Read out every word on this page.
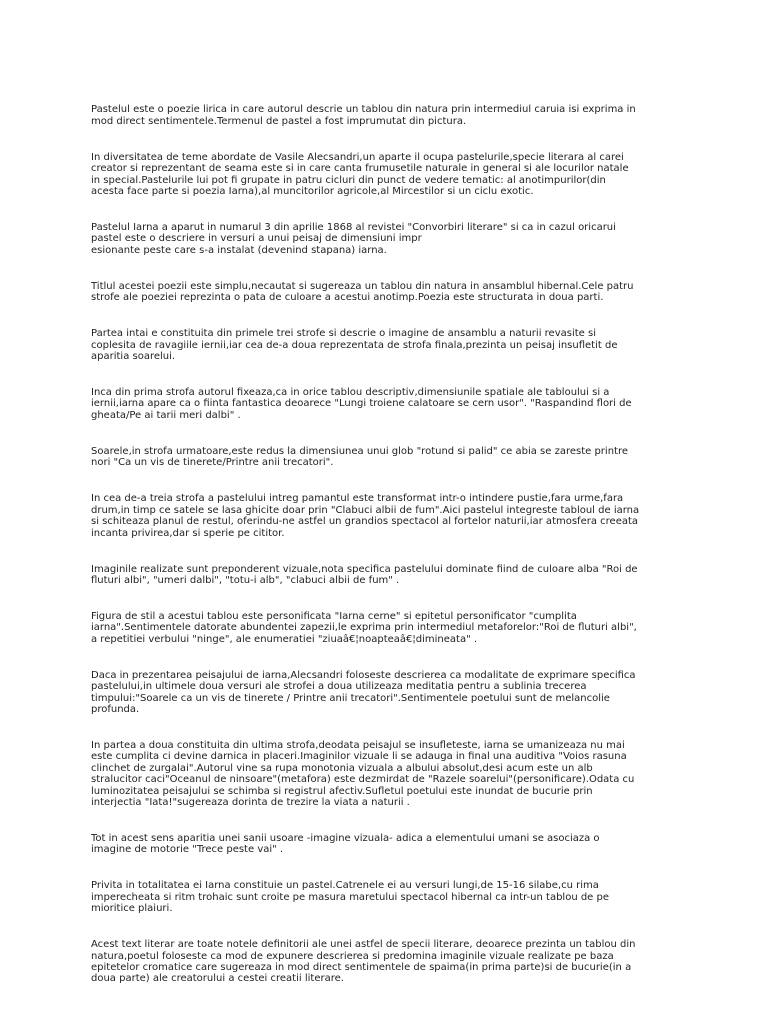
Pastelul este o poezie lirica in care autorul descrie un tablou din natura prin intermediul caruia isi exprima in
mod direct sentimentele.Termenul de pastel a fost imprumutat din pictura.

In diversitatea de teme abordate de Vasile Alecsandri,un aparte il ocupa pastelurile,specie literara al carei
creator si reprezentant de seama este si in care canta frumusetile naturale in general si ale locurilor natale
in special.Pastelurile lui pot fi grupate in patru cicluri din punct de vedere tematic: al anotimpurilor(din
acesta face parte si poezia Iarna),al muncitorilor agricole,al Mircestilor si un ciclu exotic.

Pastelul Iarna a aparut in numarul 3 din aprilie 1868 al revistei "Convorbiri literare" si ca in cazul oricarui
pastel este o descriere in versuri a unui peisaj de dimensiuni impr
esionante peste care s-a instalat (devenind stapana) iarna.

Titlul acestei poezii este simplu,necautat si sugereaza un tablou din natura in ansamblul hibernal.Cele patru
strofe ale poeziei reprezinta o pata de culoare a acestui anotimp.Poezia este structurata in doua parti.

Partea intai e constituita din primele trei strofe si descrie o imagine de ansamblu a naturii revasite si
coplesita de ravagiile iernii,iar cea de-a doua reprezentata de strofa finala,prezinta un peisaj insufletit de
aparitia soarelui.

Inca din prima strofa autorul fixeaza,ca in orice tablou descriptiv,dimensiunile spatiale ale tabloului si a
iernii,iarna apare ca o fiinta fantastica deoarece "Lungi troiene calatoare se cern usor". "Raspandind flori de
gheata/Pe ai tarii meri dalbi" .

Soarele,in strofa urmatoare,este redus la dimensiunea unui glob "rotund si palid" ce abia se zareste printre
nori "Ca un vis de tinerete/Printre anii trecatori".

In cea de-a treia strofa a pastelului intreg pamantul este transformat intr-o intindere pustie,fara urme,fara
drum,in timp ce satele se lasa ghicite doar prin "Clabuci albii de fum".Aici pastelul integreste tabloul de iarna
si schiteaza planul de restul, oferindu-ne astfel un grandios spectacol al fortelor naturii,iar atmosfera creeata
incanta privirea,dar si sperie pe cititor.

Imaginile realizate sunt preponderent vizuale,nota specifica pastelului dominate fiind de culoare alba "Roi de
fluturi albi", "umeri dalbi", "totu-i alb", "clabuci albii de fum" .

Figura de stil a acestui tablou este personificata "Iarna cerne" si epitetul personificator "cumplita
iarna".Sentimentele datorate abundentei zapezii,le exprima prin intermediul metaforelor:"Roi de fluturi albi",
a repetitiei verbului "ninge", ale enumeratiei "ziuaâ€¦noapteaâ€¦dimineata" .

Daca in prezentarea peisajului de iarna,Alecsandri foloseste descrierea ca modalitate de exprimare specifica
pastelului,in ultimele doua versuri ale strofei a doua utilizeaza meditatia pentru a sublinia trecerea
timpului:"Soarele ca un vis de tinerete / Printre anii trecatori".Sentimentele poetului sunt de melancolie
profunda.

In partea a doua constituita din ultima strofa,deodata peisajul se insufleteste, iarna se umanizeaza nu mai
este cumplita ci devine darnica in placeri.Imaginilor vizuale li se adauga in final una auditiva "Voios rasuna
clinchet de zurgalai".Autorul vine sa rupa monotonia vizuala a albului absolut,desi acum este un alb
stralucitor caci"Oceanul de ninsoare"(metafora) este dezmirdat de "Razele soarelui"(personificare).Odata cu
luminozitatea peisajului se schimba si registrul afectiv.Sufletul poetului este inundat de bucurie prin
interjectia "Iata!"sugereaza dorinta de trezire la viata a naturii .

Tot in acest sens aparitia unei sanii usoare -imagine vizuala- adica a elementului umani se asociaza o
imagine de motorie "Trece peste vai" .

Privita in totalitatea ei Iarna constituie un pastel.Catrenele ei au versuri lungi,de 15-16 silabe,cu rima
imperecheata si ritm trohaic sunt croite pe masura maretului spectacol hibernal ca intr-un tablou de pe
mioritice plaiuri.

Acest text literar are toate notele definitorii ale unei astfel de specii literare, deoarece prezinta un tablou din
natura,poetul foloseste ca mod de expunere descrierea si predomina imaginile vizuale realizate pe baza
epitetelor cromatice care sugereaza in mod direct sentimentele de spaima(in prima parte)si de bucurie(in a
doua parte) ale creatorului a cestei creatii literare.
